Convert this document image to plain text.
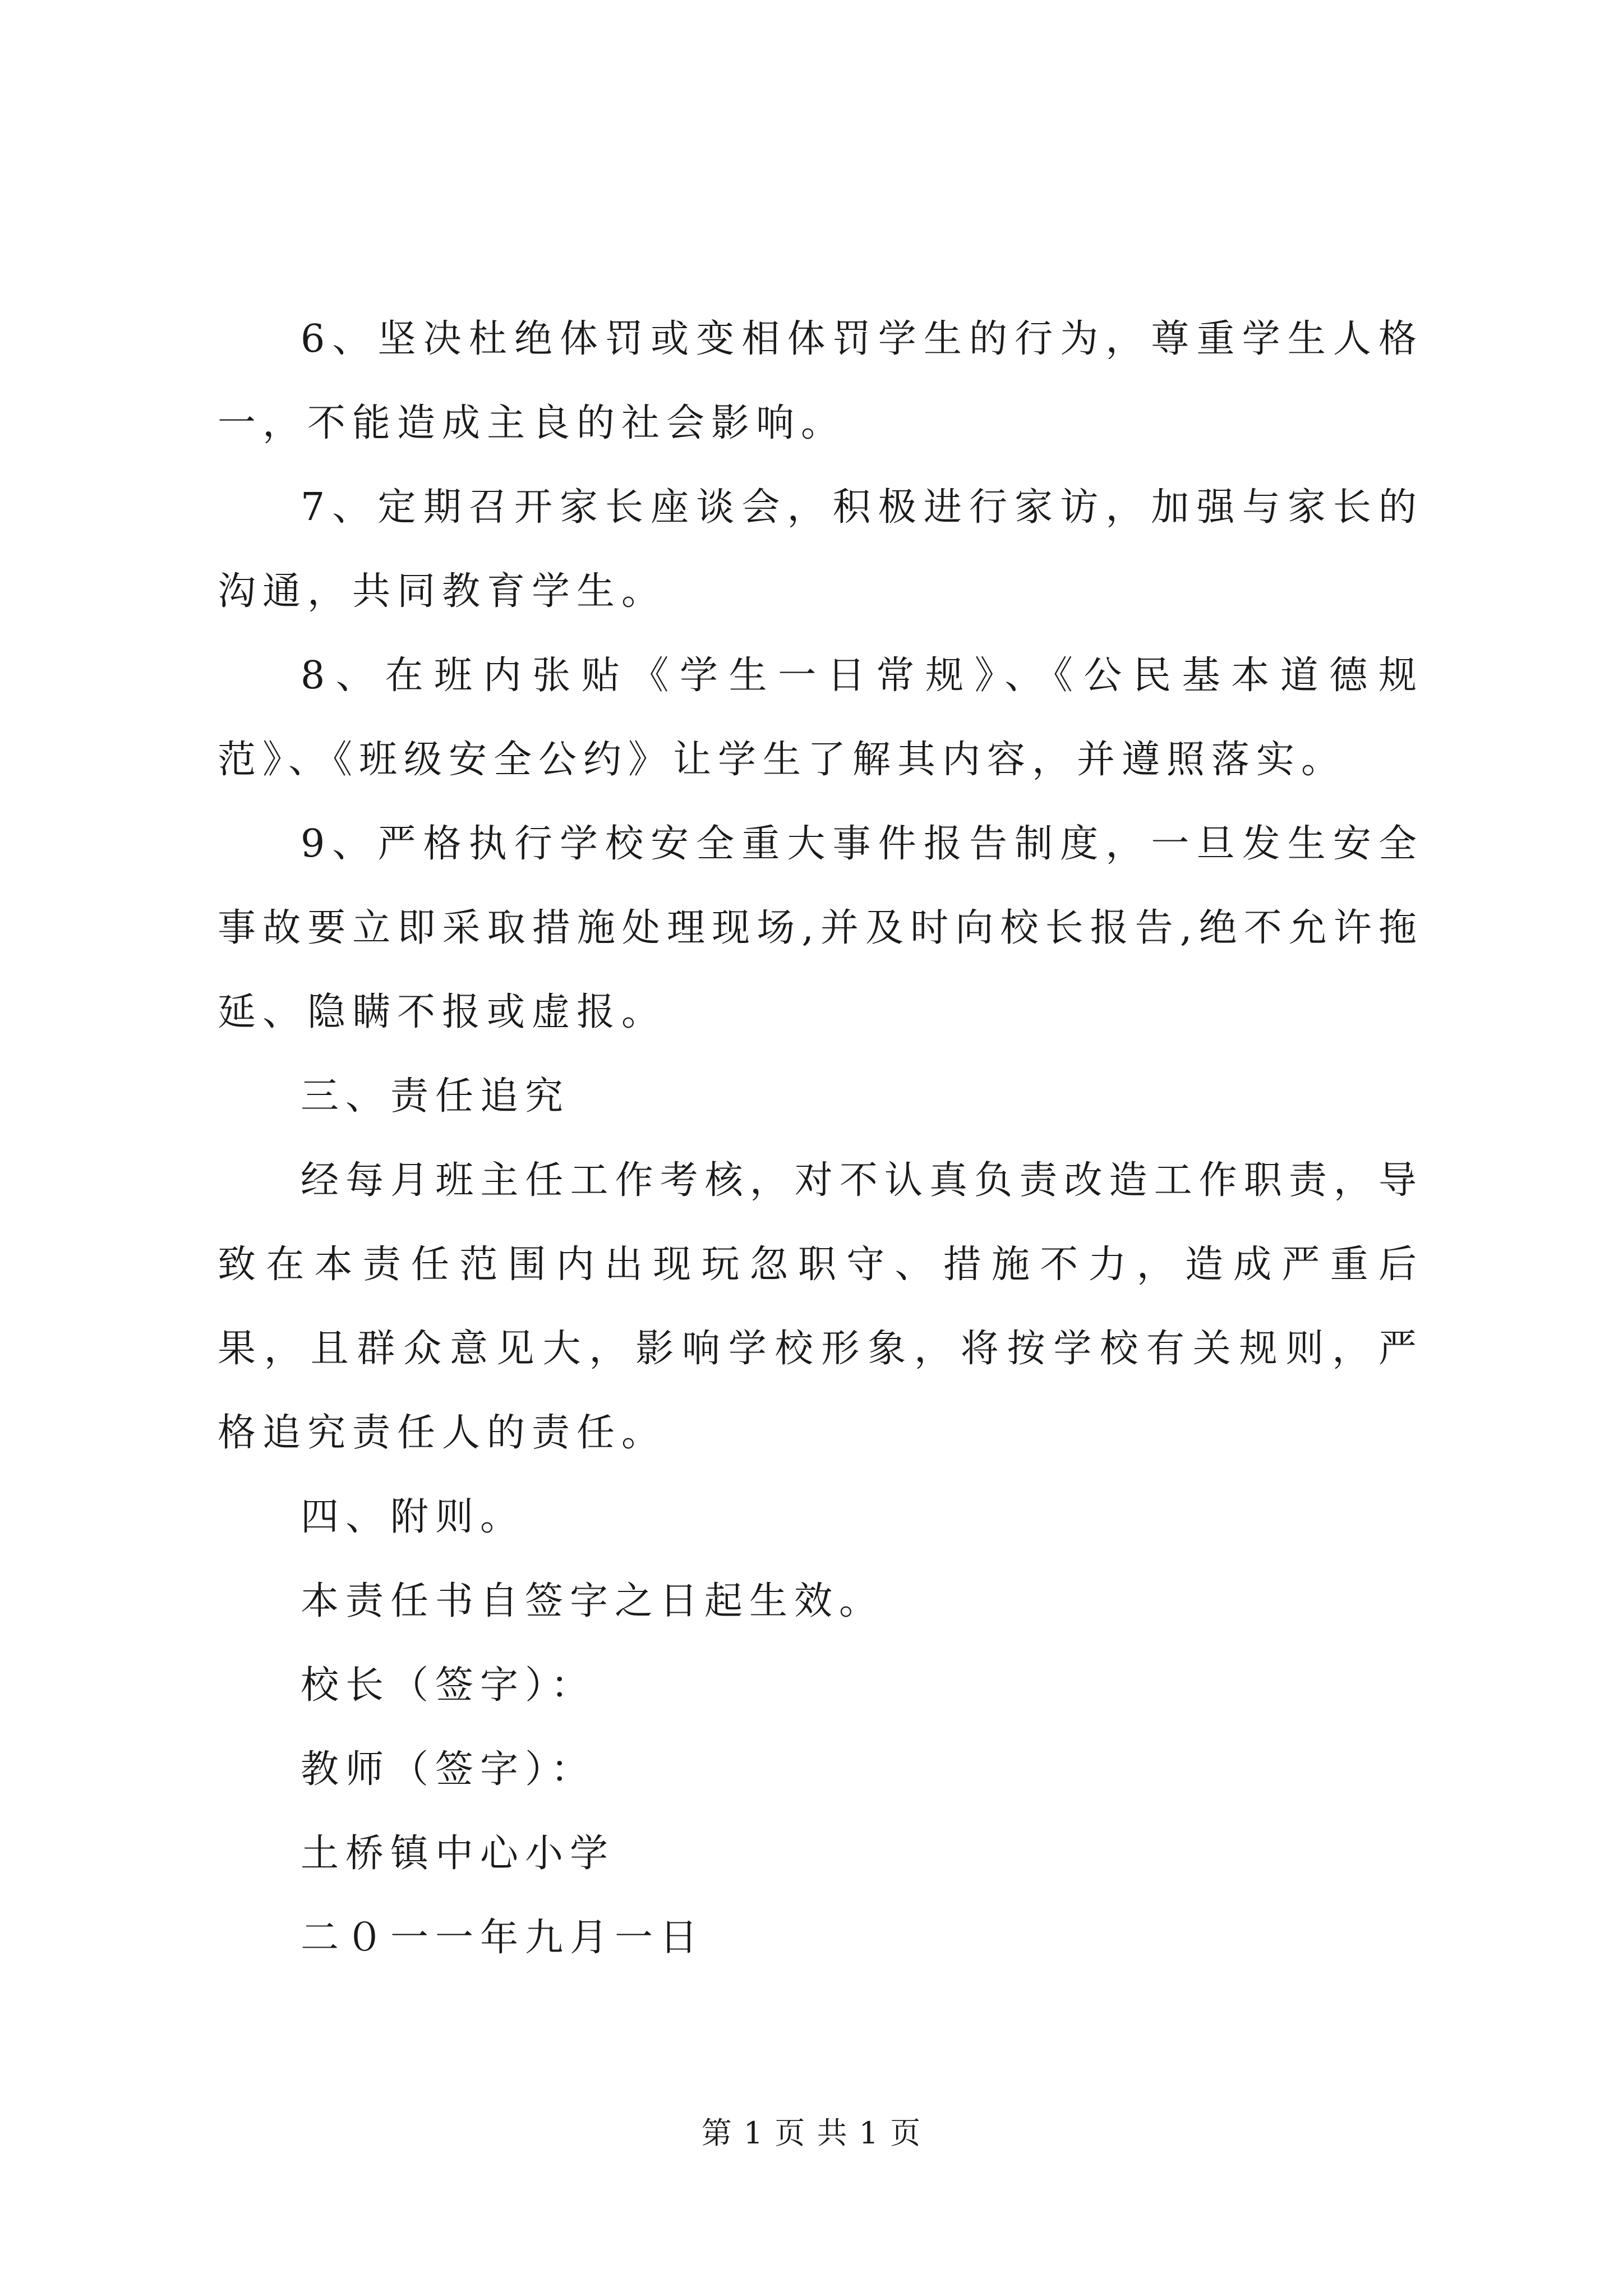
6、坚决杜绝体罚或变相体罚学生的行为，尊重学生人格一，不能造成主良的社会影响。

7、定期召开家长座谈会，积极进行家访，加强与家长的沟通，共同教育学生。

8、在班内张贴《学生一日常规》、《公民基本道德规范》、《班级安全公约》让学生了解其内容，并遵照落实。

9、严格执行学校安全重大事件报告制度，一旦发生安全事故要立即采取措施处理现场,并及时向校长报告,绝不允许拖延、隐瞒不报或虚报。

三、责任追究

经每月班主任工作考核，对不认真负责改造工作职责，导致在本责任范围内出现玩忽职守、措施不力，造成严重后果，且群众意见大，影响学校形象，将按学校有关规则，严格追究责任人的责任。

四、附则。

本责任书自签字之日起生效。

校长（签字）：

教师（签字）：

土桥镇中心小学

二０一一年九月一日

第 1 页 共 1 页
